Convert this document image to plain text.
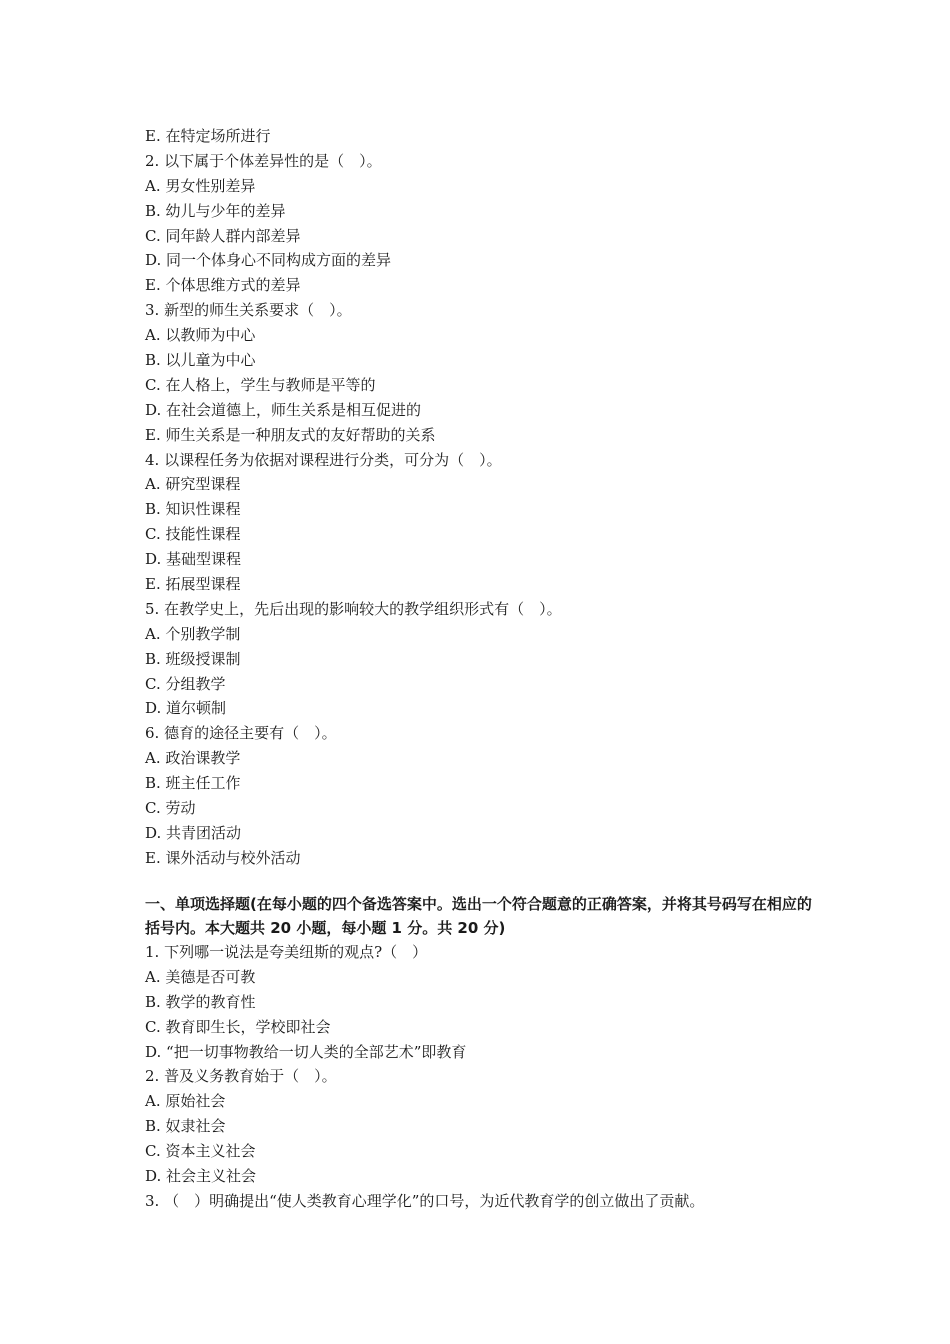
E. 在特定场所进行
2. 以下属于个体差异性的是（　）。
A. 男女性别差异
B. 幼儿与少年的差异
C. 同年龄人群内部差异
D. 同一个体身心不同构成方面的差异
E. 个体思维方式的差异
3. 新型的师生关系要求（　）。
A. 以教师为中心
B. 以儿童为中心
C. 在人格上，学生与教师是平等的
D. 在社会道德上，师生关系是相互促进的
E. 师生关系是一种朋友式的友好帮助的关系
4. 以课程任务为依据对课程进行分类，可分为（　）。
A. 研究型课程
B. 知识性课程
C. 技能性课程
D. 基础型课程
E. 拓展型课程
5. 在教学史上，先后出现的影响较大的教学组织形式有（　）。
A. 个别教学制
B. 班级授课制
C. 分组教学
D. 道尔顿制
6. 德育的途径主要有（　）。
A. 政治课教学
B. 班主任工作
C. 劳动
D. 共青团活动
E. 课外活动与校外活动
一、单项选择题(在每小题的四个备选答案中。选出一个符合题意的正确答案，并将其号码写在相应的括号内。本大题共 20 小题，每小题 1 分。共 20 分)
1. 下列哪一说法是夸美纽斯的观点?（　）
A. 美德是否可教
B. 教学的教育性
C. 教育即生长，学校即社会
D. “把一切事物教给一切人类的全部艺术”即教育
2. 普及义务教育始于（　）。
A. 原始社会
B. 奴隶社会
C. 资本主义社会
D. 社会主义社会
3. （　）明确提出“使人类教育心理学化”的口号，为近代教育学的创立做出了贡献。
